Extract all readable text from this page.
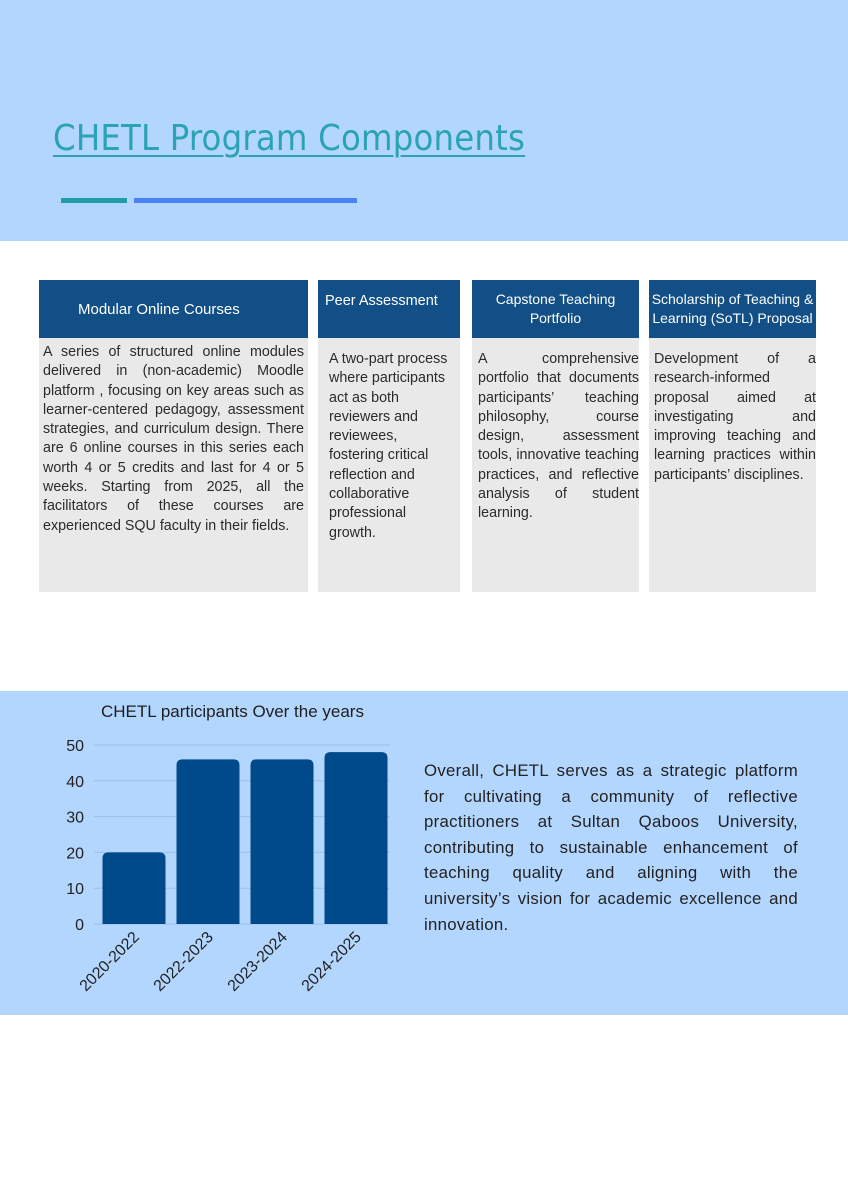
CHETL Program Components
Modular Online Courses
A series of structured online modules delivered in (non-academic) Moodle platform , focusing on key areas such as learner-centered pedagogy, assessment strategies, and curriculum design. There are 6 online courses in this series each worth 4 or 5 credits and last for 4 or 5 weeks. Starting from 2025, all the facilitators of these courses are experienced SQU faculty in their fields.
Peer Assessment
A two-part process where participants act as both reviewers and reviewees, fostering critical reflection and collaborative professional growth.
Capstone Teaching Portfolio
A comprehensive portfolio that documents participants’ teaching philosophy, course design, assessment tools, innovative teaching practices, and reflective analysis of student learning.
Scholarship of Teaching & Learning (SoTL) Proposal
Development of a research-informed proposal aimed at investigating and improving teaching and learning practices within participants’ disciplines.
CHETL participants Over the years
0
10
20
30
40
50
2020-2022 2022-2023 2023-2024 2024-2025
Overall, CHETL serves as a strategic platform for cultivating a community of reflective practitioners at Sultan Qaboos University, contributing to sustainable enhancement of teaching quality and aligning with the university’s vision for academic excellence and innovation.
